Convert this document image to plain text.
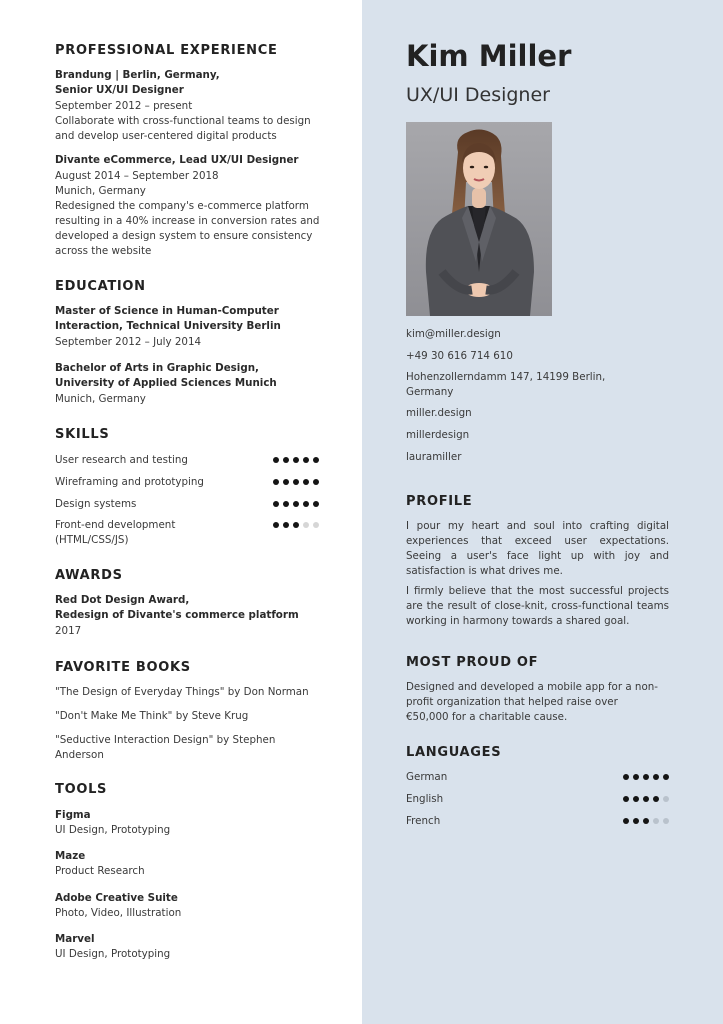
PROFESSIONAL EXPERIENCE
Brandung | Berlin, Germany,
Senior UX/UI Designer
September 2012 – present
Collaborate with cross-functional teams to design and develop user-centered digital products
Divante eCommerce, Lead UX/UI Designer
August 2014 – September 2018
Munich, Germany
Redesigned the company's e-commerce platform resulting in a 40% increase in conversion rates and developed a design system to ensure consistency across the website
EDUCATION
Master of Science in Human-Computer Interaction, Technical University Berlin
September 2012 – July 2014
Bachelor of Arts in Graphic Design, University of Applied Sciences Munich
Munich, Germany
SKILLS
User research and testing
Wireframing and prototyping
Design systems
Front-end development (HTML/CSS/JS)
AWARDS
Red Dot Design Award,
Redesign of Divante's commerce platform
2017
FAVORITE BOOKS
"The Design of Everyday Things" by Don Norman
"Don't Make Me Think" by Steve Krug
"Seductive Interaction Design" by Stephen Anderson
TOOLS
Figma
UI Design, Prototyping
Maze
Product Research
Adobe Creative Suite
Photo, Video, Illustration
Marvel
UI Design, Prototyping
Kim Miller
UX/UI Designer
kim@miller.design
+49 30 616 714 610
Hohenzollerndamm 147, 14199 Berlin, Germany
miller.design
millerdesign
lauramiller
PROFILE
I pour my heart and soul into crafting digital experiences that exceed user expectations. Seeing a user's face light up with joy and satisfaction is what drives me.
I firmly believe that the most successful projects are the result of close-knit, cross-functional teams working in harmony towards a shared goal.
MOST PROUD OF
Designed and developed a mobile app for a non-profit organization that helped raise over €50,000 for a charitable cause.
LANGUAGES
German
English
French
